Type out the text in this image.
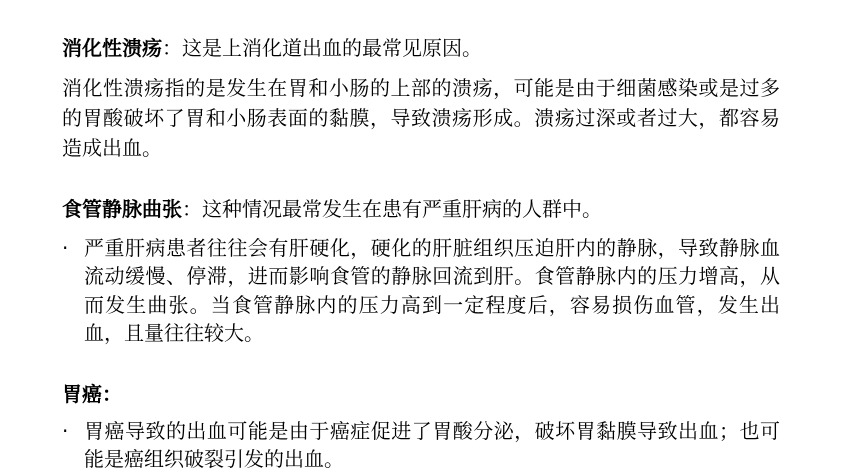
消化性溃疡：这是上消化道出血的最常见原因。

消化性溃疡指的是发生在胃和小肠的上部的溃疡，可能是由于细菌感染或是过多的胃酸破坏了胃和小肠表面的黏膜，导致溃疡形成。溃疡过深或者过大，都容易造成出血。

食管静脉曲张：这种情况最常发生在患有严重肝病的人群中。

· 严重肝病患者往往会有肝硬化，硬化的肝脏组织压迫肝内的静脉，导致静脉血流动缓慢、停滞，进而影响食管的静脉回流到肝。食管静脉内的压力增高，从而发生曲张。当食管静脉内的压力高到一定程度后，容易损伤血管，发生出血，且量往往较大。

胃癌：

· 胃癌导致的出血可能是由于癌症促进了胃酸分泌，破坏胃黏膜导致出血；也可能是癌组织破裂引发的出血。
